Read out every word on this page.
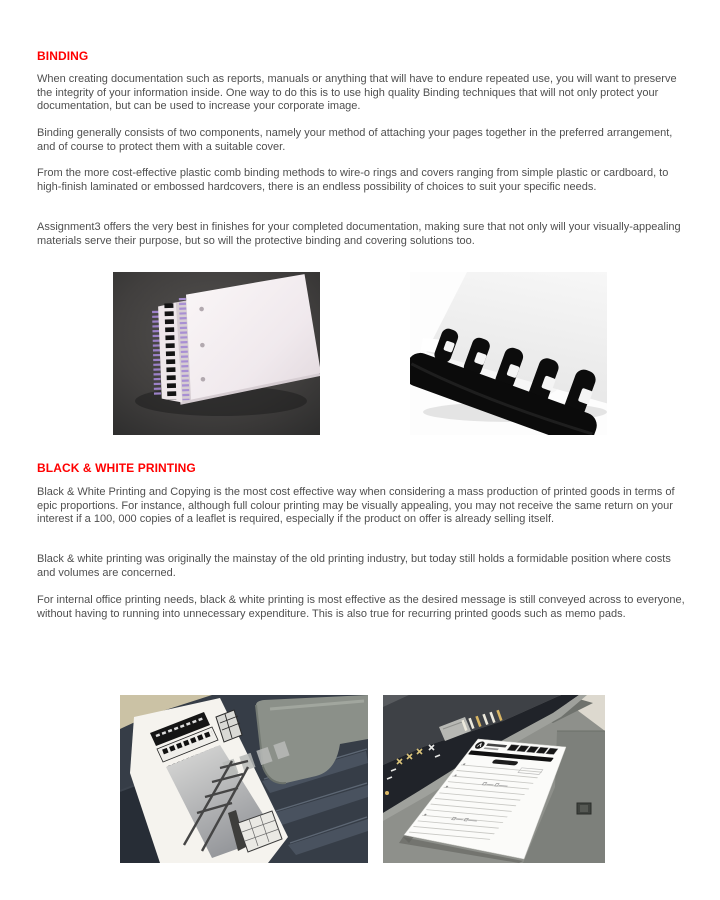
BINDING

When creating documentation such as reports, manuals or anything that will have to endure repeated use, you will want to preserve the integrity of your information inside. One way to do this is to use high quality Binding techniques that will not only protect your documentation, but can be used to increase your corporate image.

Binding generally consists of two components, namely your method of attaching your pages together in the preferred arrangement, and of course to protect them with a suitable cover.

From the more cost-effective plastic comb binding methods to wire-o rings and covers ranging from simple plastic or cardboard, to high-finish laminated or embossed hardcovers, there is an endless possibility of choices to suit your specific needs.

Assignment3 offers the very best in finishes for your completed documentation, making sure that not only will your visually-appealing materials serve their purpose, but so will the protective binding and covering solutions too.

BLACK & WHITE PRINTING

Black & White Printing and Copying is the most cost effective way when considering a mass production of printed goods in terms of epic proportions. For instance, although full colour printing may be visually appealing, you may not receive the same return on your interest if a 100, 000 copies of a leaflet is required, especially if the product on offer is already selling itself.

Black & white printing was originally the mainstay of the old printing industry, but today still holds a formidable position where costs and volumes are concerned.

For internal office printing needs, black & white printing is most effective as the desired message is still conveyed across to everyone, without having to running into unnecessary expenditure. This is also true for recurring printed goods such as memo pads.
